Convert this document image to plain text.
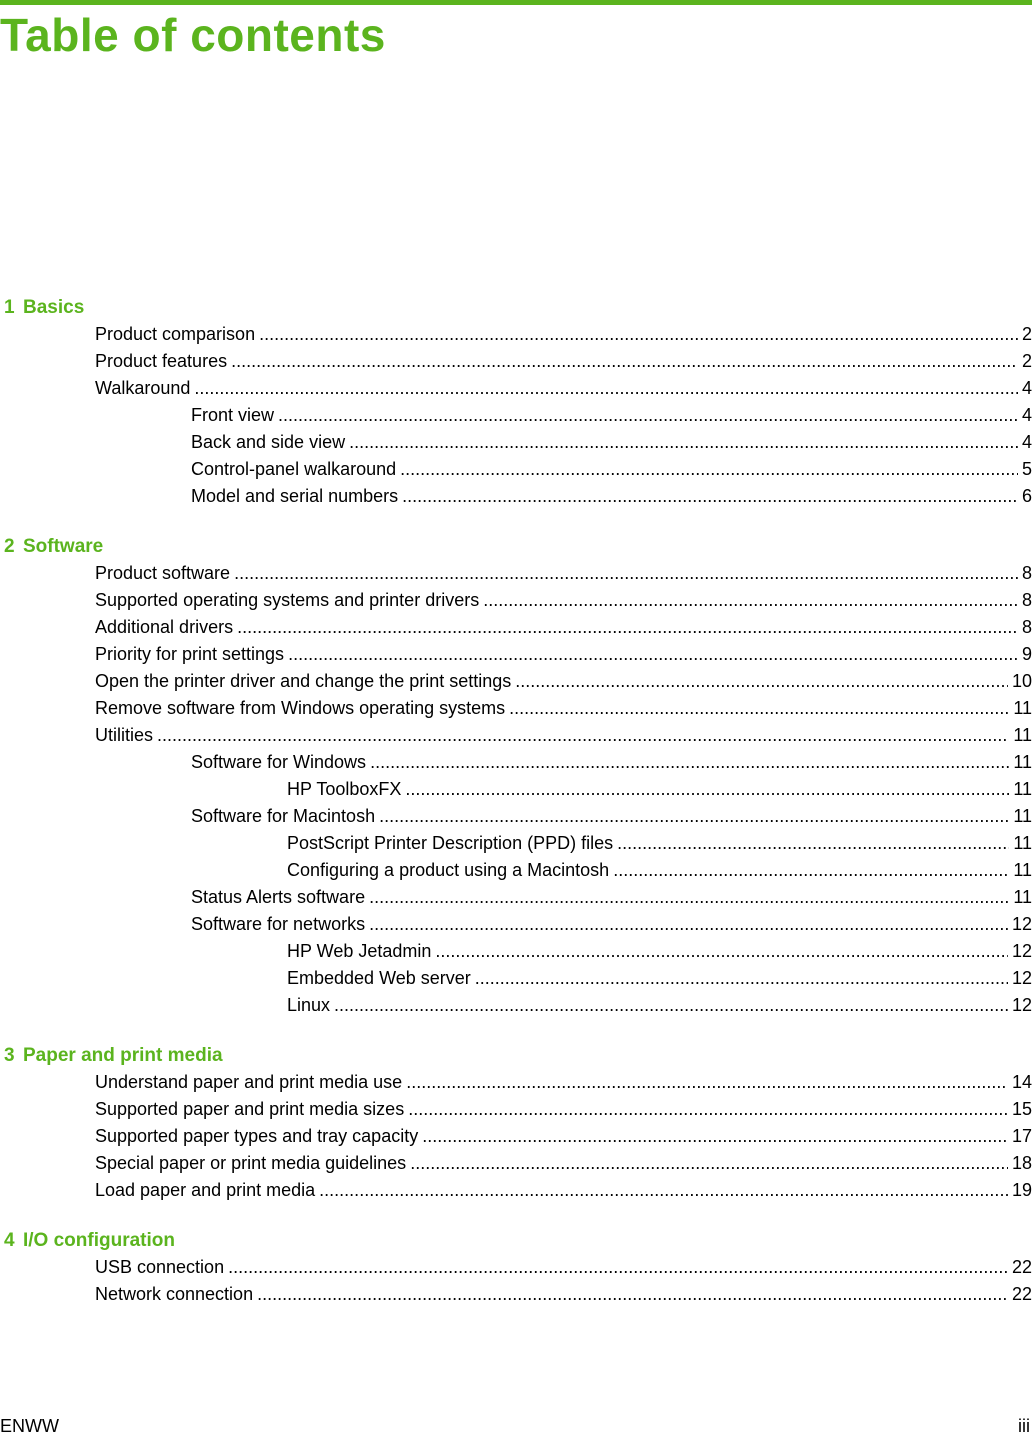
Table of contents
1 Basics
Product comparison . . .	2
Product features . . .	2
Walkaround . . .	4
Front view . . .	4
Back and side view . . .	4
Control-panel walkaround . . .	5
Model and serial numbers . . .	6
2 Software
Product software . . .	8
Supported operating systems and printer drivers . . .	8
Additional drivers . . .	8
Priority for print settings . . .	9
Open the printer driver and change the print settings . . .	10
Remove software from Windows operating systems . . .	11
Utilities . . .	11
Software for Windows . . .	11
HP ToolboxFX . . .	11
Software for Macintosh . . .	11
PostScript Printer Description (PPD) files . . .	11
Configuring a product using a Macintosh . . .	11
Status Alerts software . . .	11
Software for networks . . .	12
HP Web Jetadmin . . .	12
Embedded Web server . . .	12
Linux . . .	12
3 Paper and print media
Understand paper and print media use . . .	14
Supported paper and print media sizes . . .	15
Supported paper types and tray capacity . . .	17
Special paper or print media guidelines . . .	18
Load paper and print media . . .	19
4 I/O configuration
USB connection . . .	22
Network connection . . .	22
ENWW	iii
